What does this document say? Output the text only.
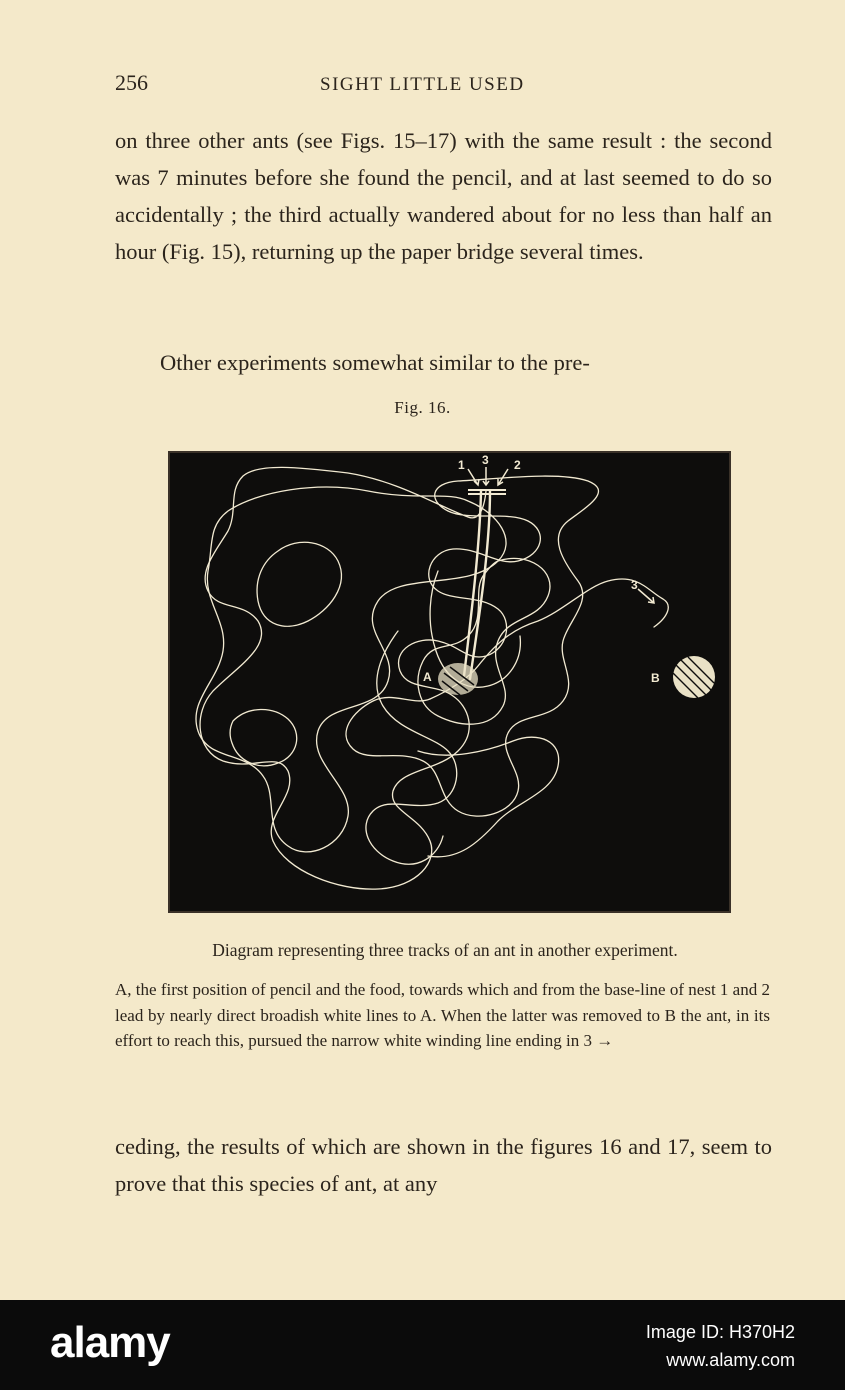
256	SIGHT LITTLE USED

on three other ants (see Figs. 15–17) with the same result : the second was 7 minutes before she found the pencil, and at last seemed to do so accidentally ; the third actually wandered about for no less than half an hour (Fig. 15), returning up the paper bridge several times.

Other experiments somewhat similar to the pre-

Fig. 16.
A	B
1 3 2
3
Diagram representing three tracks of an ant in another experiment.

A, the first position of pencil and the food, towards which and from the base-line of nest 1 and 2 lead by nearly direct broadish white lines to A. When the latter was removed to B the ant, in its effort to reach this, pursued the narrow white winding line ending in 3 →

ceding, the results of which are shown in the figures 16 and 17, seem to prove that this species of ant, at any

alamy	Image ID: H370H2
www.alamy.com
